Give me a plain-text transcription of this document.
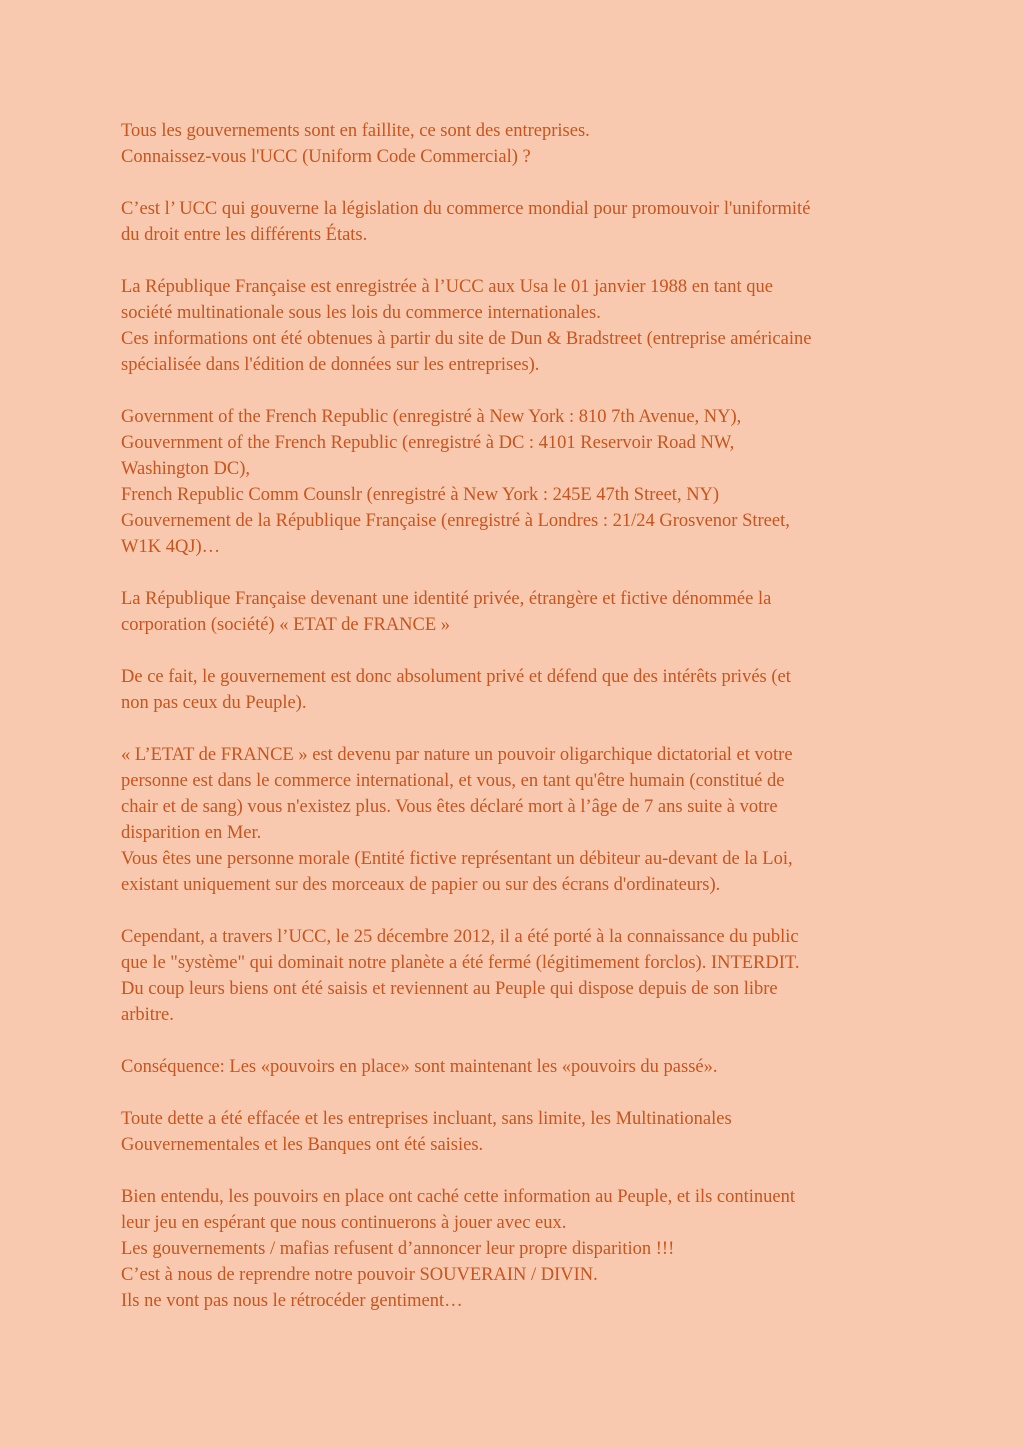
Tous les gouvernements sont en faillite, ce sont des entreprises.
Connaissez-vous l'UCC (Uniform Code Commercial) ?

C’est l’ UCC qui gouverne la législation du commerce mondial pour promouvoir l'uniformité
du droit entre les différents États.

La République Française est enregistrée à l’UCC aux Usa le 01 janvier 1988 en tant que
société multinationale sous les lois du commerce internationales.
Ces informations ont été obtenues à partir du site de Dun & Bradstreet (entreprise américaine
spécialisée dans l'édition de données sur les entreprises).

Government of the French Republic (enregistré à New York : 810 7th Avenue, NY),
Gouvernment of the French Republic (enregistré à DC : 4101 Reservoir Road NW,
Washington DC),
French Republic Comm Counslr (enregistré à New York : 245E 47th Street, NY)
Gouvernement de la République Française (enregistré à Londres : 21/24 Grosvenor Street,
W1K 4QJ)…

La République Française devenant une identité privée, étrangère et fictive dénommée la
corporation (société) « ETAT de FRANCE »

De ce fait, le gouvernement est donc absolument privé et défend que des intérêts privés (et
non pas ceux du Peuple).

« L’ETAT de FRANCE » est devenu par nature un pouvoir oligarchique dictatorial et votre
personne est dans le commerce international, et vous, en tant qu'être humain (constitué de
chair et de sang) vous n'existez plus. Vous êtes déclaré mort à l’âge de 7 ans suite à votre
disparition en Mer.
Vous êtes une personne morale (Entité fictive représentant un débiteur au-devant de la Loi,
existant uniquement sur des morceaux de papier ou sur des écrans d'ordinateurs).

Cependant, a travers l’UCC, le 25 décembre 2012, il a été porté à la connaissance du public
que le "système" qui dominait notre planète a été fermé (légitimement forclos). INTERDIT.
Du coup leurs biens ont été saisis et reviennent au Peuple qui dispose depuis de son libre
arbitre.

Conséquence: Les «pouvoirs en place» sont maintenant les «pouvoirs du passé».

Toute dette a été effacée et les entreprises incluant, sans limite, les Multinationales
Gouvernementales et les Banques ont été saisies.

Bien entendu, les pouvoirs en place ont caché cette information au Peuple, et ils continuent
leur jeu en espérant que nous continuerons à jouer avec eux.
Les gouvernements / mafias refusent d’annoncer leur propre disparition !!!
C’est à nous de reprendre notre pouvoir SOUVERAIN / DIVIN.
Ils ne vont pas nous le rétrocéder gentiment…
